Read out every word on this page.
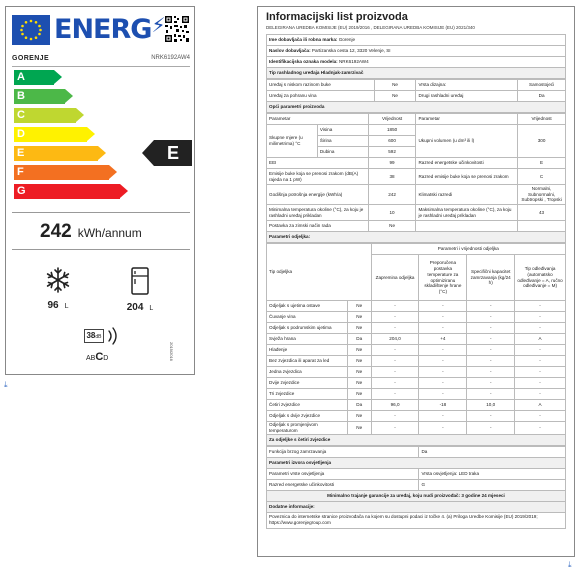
ENERG⚡
GORENJE	NRK6192AW4
A
B
C
D
E
F
G
E
242 kWh/annum
96 L	204 L
38dB
ABCD	2019/2016
⤓
Informacijski list proizvoda
DELEGIRANA UREDBA KOMISIJE (EU) 2019/2016 , DELEGIRANA UREDBA KOMISIJE (EU) 2021/340
Ime dobavljača ili robna marka: Gorenje
Naslov dobavljača: Partizanska cesta 12, 3320 Velenje, SI
Identifikacijska oznaka modela: NRK6192AW4
Tip rashladnog uređaja Hladnjak-zamrzivač
Uređaj s niskom razinom buke	Ne	Vrsta dizajna:	Samostojeći
Uređaj za pohranu vina	Ne	Drugi rashladni uređaj	Da
Opći parametri proizvoda			
Parametar		Vrijednost	Parametar	Vrijednost
Skupne mjere (u milimetrima) °C	Visina	1850	Ukupni volumen (u dm³ ili l)	300
	Širina	600		
	Dubina	592		
EEI		99	Razred energetske učinkovitosti	E
Emisije buke koja se prenosi zrakom (dB(A) rajeda na 1 pW)		38	Razred emisije buke koja se prenosi zrakom	C
Godišnja potrošnja energije (kWh/a)		242	Klimatski razredi	Normalni, Subnormalni, Subtropski , Tropski
Minimalna temperatura okoline (°C), za koju je rashladni uređaj prikladan		10	Maksimalna temperatura okoline (°C), za koju je rashladni uređaj prikladan	43
Postavka za zimski način rada		Ne		
Parametri odjeljka:				
Tip odjeljka		Parametri i vrijednosti odjeljka			
		Zapremina odjeljka	Preporučena postavka temperature za optimiziranu skladištenje hrane (°C)	Specifični kapacitet zamrzavanja (kg/24 h)	Tip odleđivanja (automatsko odleđivanje = A, ručno odleđivanje = M)
Odjeljak s ujetima ostave	Ne	-	-	-	-
Čuvanje vina	Ne	-	-	-	-
Odjeljak s podrumskim ujetima	Ne	-	-	-	-
Svježa hrana	Da	204,0	+4	-	A
Hlađenje	Ne	-	-	-	-
Bez zvjezdica ili aparat za led	Ne	-	-	-	-
Jedna zvjezdica	Ne	-	-	-	-
Dvije zvjezdice	Ne	-	-	-	-
Tri zvjezdice	Ne	-	-	-	-
Četiri zvjezdice	Da	96,0	-18	10,0	A
Odjeljak s dvije zvjezdice	Ne	-	-	-	-
Odjeljak s promjenjivom temperaturom	Ne	-	-	-	-
Za odjeljke s četiri zvjezdice					
Funkcija brzog zamrzavanja	Da
Parametri izvora osvjetljenja	
Parametri vrste osvjetljenja	Vrsta osvjetljenja: LED traka
Razred energetske učinkovitosti	G
Minimalno trajanje garancije za uređaj, koju nudi proizvođač: 3 godine 24 mjeseci	
Dodatne informacije:	
Poveznica do internetske stranice proizvođača na kojem su dostupni podaci iz točke 4. (a) Priloga Uredbe Komisije (EU) 2019/2019; https://www.gorenjegroup.com	
⤓
